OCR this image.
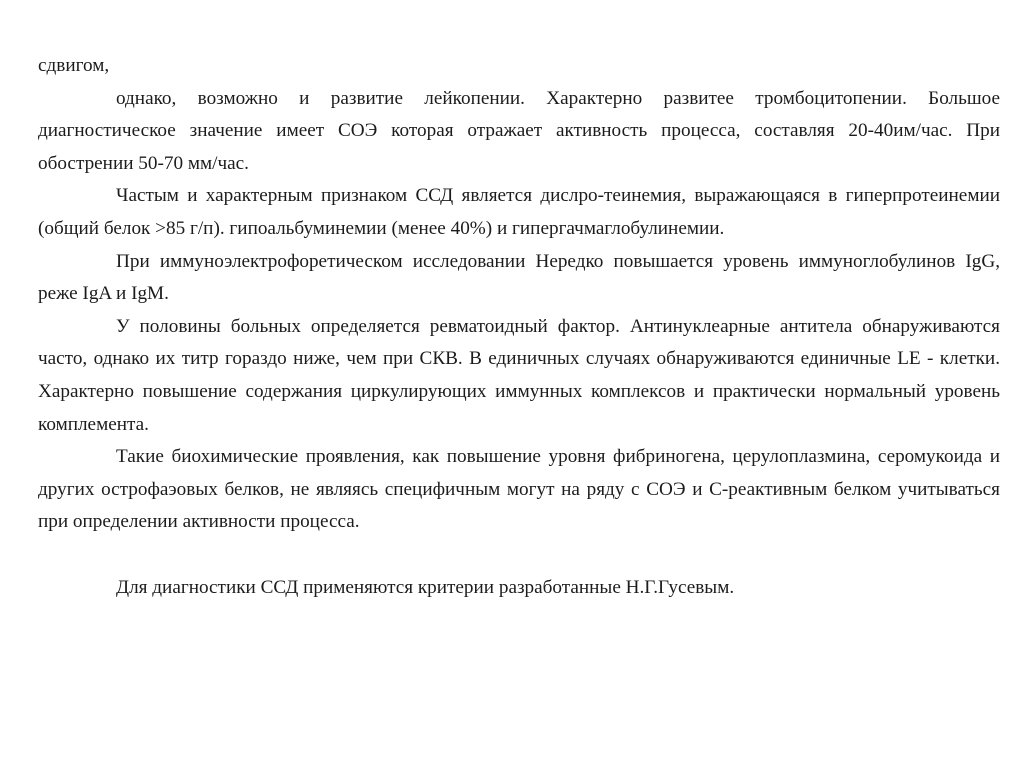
сдвигом,

однако, возможно и развитие лейкопении. Характерно развитее тромбоцитопении. Большое диагностическое значение имеет СОЭ которая отражает активность процесса, составляя 20-40им/час. При обострении 50-70 мм/час.

Частым и характерным признаком ССД является дислро-теинемия, выражающаяся в гиперпротеинемии (общий белок >85 г/п). гипоальбуминемии (менее 40%) и гипергачмаглобулинемии.

При иммуноэлектрофоретическом исследовании Нередко повышается уровень иммуноглобулинов IgG, реже IgA и IgM.

У половины больных определяется ревматоидный фактор. Антинуклеарные антитела обнаруживаются часто, однако их титр гораздо ниже, чем при СКВ. В единичных случаях обнаруживаются единичные LE - клетки. Характерно повышение содержания циркулирующих иммунных комплексов и практически нормальный уровень комплемента.

Такие биохимические проявления, как повышение уровня фибриногена, церулоплазмина, серомукоида и других острофаэовых белков, не являясь специфичным могут на ряду с СОЭ и С-реактивным белком учитываться при определении активности процесса.

Для диагностики ССД применяются критерии разработанные Н.Г.Гусевым.
